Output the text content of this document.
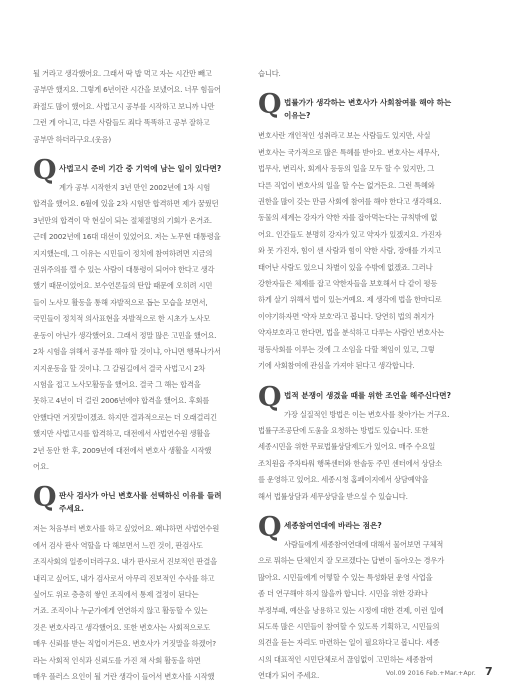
될 거라고 생각했어요. 그래서 딱 밥 먹고 자는 시간만 빼고
공부만 했지요. 그렇게 6년이란 시간을 보냈어요. 너무 힘들어
좌절도 많이 했어요. 사법고시 공부를 시작하고 보니까 나만
그런 게 아니고, 다른 사람들도 죄다 똑똑하고 공부 잘하고
공부만 하더라구요.(웃음)

Q 사법고시 준비 기간 중 기억에 남는 일이 있다면?

계가 공부 시작한지 3년 만인 2002년에 1차 시험
합격을 했어요. 6월에 있을 2차 시험만 합격하면 제가 꿈꿨던
3년만의 합격이 막 현실이 되는 절체절명의 기회가 온거죠.
근데 2002년에 16대 대선이 있었어요. 저는 노무현 대통령을
지지했는데, 그 이유는 시민들이 정치에 참여하려면 지금의
권위주의를 깰 수 있는 사람이 대통령이 되어야 한다고 생각
했기 때문이었어요. 보수언론들의 탄압 때문에 오히려 시민
들이 노사모 활동을 통해 자발적으로 돕는 모습을 보면서,
국민들이 정치적 의사표현을 자발적으로 한 시초가 노사모
운동이 아닌가 생각했어요. 그래서 정말 많은 고민을 했어요.
2차 시험을 위해서 공부를 해야 할 것이냐, 아니면 행복나가서
지지운동을 할 것이냐. 그 갈림길에서 결국 사법고시 2차
시험을 접고 노사모활동을 했어요. 결국 그 해는 합격을
못하고 4년이 더 걸린 2006년에야 합격을 했어요. 후회를
안했다면 거짓말이겠죠. 하지만 결과적으로는 더 오래걸리긴
했지만 사법고시를 합격하고, 대전에서 사법연수원 생활을
2년 동안 한 후, 2009년에 대전에서 변호사 생활을 시작했
어요.

Q 판사 검사가 아닌 변호사를 선택하신 이유를 들려
주세요.

저는 처음부터 변호사를 하고 싶었어요. 왜냐하면 사법연수원
에서 검사 판사 역할을 다 해보면서 느낀 것이, 판검사도
조직사회의 일종이더라구요. 내가 판사로서 진보적인 판결을
내리고 싶어도, 내가 검사로서 아무리 진보적인 수사를 하고
싶어도 위로 층층히 쌓인 조직에서 통제 결정이 된다는
거죠. 조직이나 누군가에게 연연하지 않고 활동할 수 있는
것은 변호사라고 생각했어요. 또한 변호사는 사회적으로도
매우 신뢰를 받는 직업이거든요. 변호사가 거짓말을 하겠어?
라는 사회적 인식과 신뢰도를 가진 채 사회 활동을 하면
매우 플러스 요인이 될 거란 생각이 들어서 변호사를 시작했

습니다.

Q 법률가가 생각하는 변호사가 사회참여를 해야 하는
이유는?

변호사란 개인적인 성취라고 보는 사람들도 있지만, 사실
변호사는 국가적으로 많은 특혜를 받아요. 변호사는 세무사,
법무사, 변리사, 회계사 등등의 일을 모두 할 수 있지만, 그
다른 직업이 변호사의 일을 할 수는 없거든요. 그런 특혜와
권한을 많이 갖는 만큼 사회에 참여를 해야 한다고 생각해요.
동물의 세계는 강자가 약한 자를 잡아먹는다는 규칙밖에 없
어요. 인간들도 분명히 강자가 있고 약자가 있겠지요. 가진자
와 못 가진자, 힘이 센 사람과 힘이 약한 사람, 장애를 가지고
태어난 사람도 있으니 차별이 있을 수밖에 없겠죠. 그러나
강한자들은 체제를 잡고 약한자들을 보호해서 다 같이 평등
하게 살기 위해서 법이 있는거예요. 제 생각에 법을 한마디로
이야기하자면 '약자 보호'라고 봅니다. 당연히 법의 취지가
약자보호라고 한다면, 법을 분석하고 다루는 사람인 변호사는
평등사회를 이루는 것에 그 소임을 다할 책임이 있고, 그렇
기에 사회참여에 관심을 가져야 된다고 생각합니다.

Q 법적 분쟁이 생겼을 때를 위한 조언을 해주신다면?

가장 실질적인 방법은 이는 변호사를 찾아가는 거구요.
법률구조공단에 도움을 요청하는 방법도 있습니다. 또한
세종시민을 위한 무료법률상담제도가 있어요. 매주 수요일
조치원읍 주차타워 행복센터와 한솔동 주민 센터에서 상담소
를 운영하고 있어요. 세종시청 홈페이지에서 상담예약을
해서 법률상담과 세무상담을 받으실 수 있습니다.

Q 세종참여연대에 바라는 점은?

사람들에게 세종참여연대에 대해서 물어보면 구체적
으로 뭐하는 단체인지 잘 모르겠다는 답변이 돌아오는 경우가
많아요. 시민들에게 어떻할 수 있는 특성화된 운영 사업을
좀 더 연구해야 하지 않을까 합니다. 시민을 위한 강좌나
부정부패, 예산을 낭용하고 있는 시정에 대한 견제, 이런 일에
되도록 많은 시민들이 참여할 수 있도록 기획하고, 시민들의
의견을 듣는 자리도 마련하는 일이 필요하다고 봅니다. 세종
시의 대표적인 시민단체로서 끊임없이 고민하는 세종참여
연대가 되어 주세요.	Vol.09 2016 Feb.+Mar.+Apr. 7
